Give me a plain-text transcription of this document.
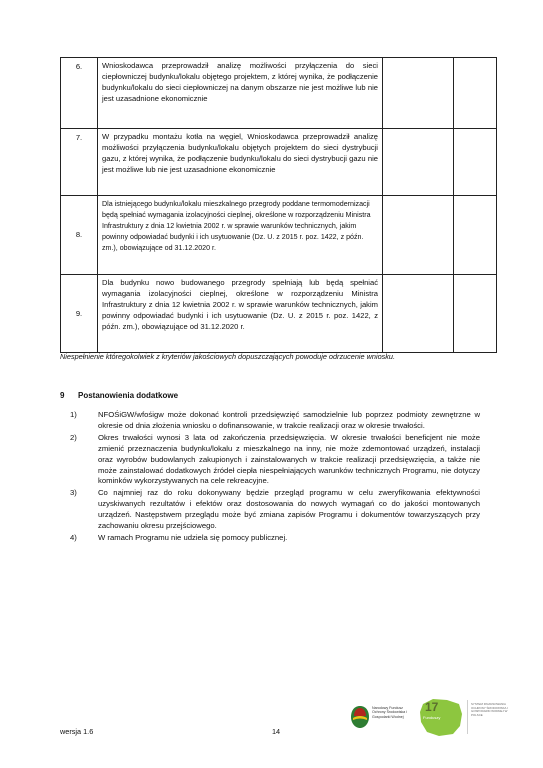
6.	Wnioskodawca przeprowadził analizę możliwości przyłączenia do sieci ciepłowniczej budynku/lokalu objętego projektem, z której wynika, że podłączenie budynku/lokalu do sieci ciepłowniczej na danym obszarze nie jest możliwe lub nie jest uzasadnione ekonomicznie		
7.	W przypadku montażu kotła na węgiel, Wnioskodawca przeprowadził analizę możliwości przyłączenia budynku/lokalu objętych projektem do sieci dystrybucji gazu, z której wynika, że podłączenie budynku/lokalu do sieci dystrybucji gazu nie jest możliwe lub nie jest uzasadnione ekonomicznie		
8.	Dla istniejącego budynku/lokalu mieszkalnego przegrody poddane termomodernizacji będą spełniać wymagania izolacyjności cieplnej, określone w rozporządzeniu Ministra Infrastruktury z dnia 12 kwietnia 2002 r. w sprawie warunków technicznych, jakim powinny odpowiadać budynki i ich usytuowanie (Dz. U. z 2015 r. poz. 1422, z późn. zm.), obowiązujące od 31.12.2020 r.		
9.	Dla budynku nowo budowanego przegrody spełniają lub będą spełniać wymagania izolacyjności cieplnej, określone w rozporządzeniu Ministra Infrastruktury z dnia 12 kwietnia 2002 r. w sprawie warunków technicznych, jakim powinny odpowiadać budynki i ich usytuowanie (Dz. U. z 2015 r. poz. 1422, z późn. zm.), obowiązujące od 31.12.2020 r.		
Niespełnienie któregokolwiek z kryteriów jakościowych dopuszczających powoduje odrzucenie wniosku.
9 Postanowienia dodatkowe
1)	NFOŚiGW/wfośigw może dokonać kontroli przedsięwzięć samodzielnie lub poprzez podmioty zewnętrzne w okresie od dnia złożenia wniosku o dofinansowanie, w trakcie realizacji oraz w okresie trwałości.
2)	Okres trwałości wynosi 3 lata od zakończenia przedsięwzięcia. W okresie trwałości beneficjent nie może zmienić przeznaczenia budynku/lokalu z mieszkalnego na inny, nie może zdemontować urządzeń, instalacji oraz wyrobów budowlanych zakupionych i zainstalowanych w trakcie realizacji przedsięwzięcia, a także nie może zainstalować dodatkowych źródeł ciepła niespełniających warunków technicznych Programu, nie dotyczy kominków wykorzystywanych na cele rekreacyjne.
3)	Co najmniej raz do roku dokonywany będzie przegląd programu w celu zweryfikowania efektywności uzyskiwanych rezultatów i efektów oraz dostosowania do nowych wymagań co do jakości montowanych urządzeń. Następstwem przeglądu może być zmiana zapisów Programu i dokumentów towarzyszących przy zachowaniu okresu przejściowego.
4)	W ramach Programu nie udziela się pomocy publicznej.
wersja 1.6	14
Narodowy Fundusz Ochrony Środowiska i Gospodarki Wodnej
17
Funduszy
SYSTEM FINANSOWANIA OCHRONY ŚRODOWISKA I GOSPODARKI WODNEJ W POLSCE
